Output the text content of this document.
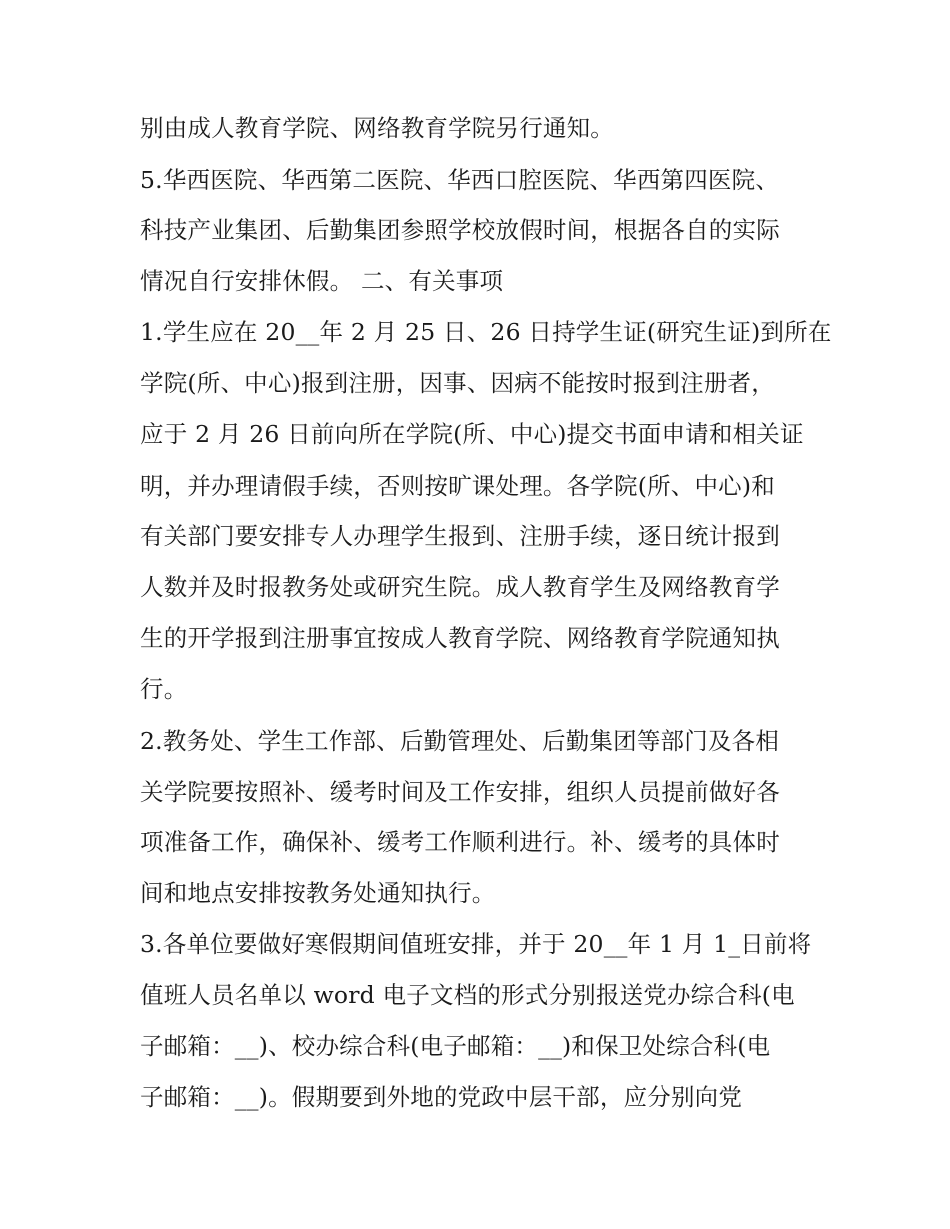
别由成人教育学院、网络教育学院另行通知。
5.华西医院、华西第二医院、华西口腔医院、华西第四医院、
科技产业集团、后勤集团参照学校放假时间，根据各自的实际
情况自行安排休假。 二、有关事项
1.学生应在 20__年 2 月 25 日、26 日持学生证(研究生证)到所在
学院(所、中心)报到注册，因事、因病不能按时报到注册者，
应于 2 月 26 日前向所在学院(所、中心)提交书面申请和相关证
明，并办理请假手续，否则按旷课处理。各学院(所、中心)和
有关部门要安排专人办理学生报到、注册手续，逐日统计报到
人数并及时报教务处或研究生院。成人教育学生及网络教育学
生的开学报到注册事宜按成人教育学院、网络教育学院通知执
行。
2.教务处、学生工作部、后勤管理处、后勤集团等部门及各相
关学院要按照补、缓考时间及工作安排，组织人员提前做好各
项准备工作，确保补、缓考工作顺利进行。补、缓考的具体时
间和地点安排按教务处通知执行。
3.各单位要做好寒假期间值班安排，并于 20__年 1 月 1_日前将
值班人员名单以 word 电子文档的形式分别报送党办综合科(电
子邮箱：__)、校办综合科(电子邮箱：__)和保卫处综合科(电
子邮箱：__)。假期要到外地的党政中层干部，应分别向党
